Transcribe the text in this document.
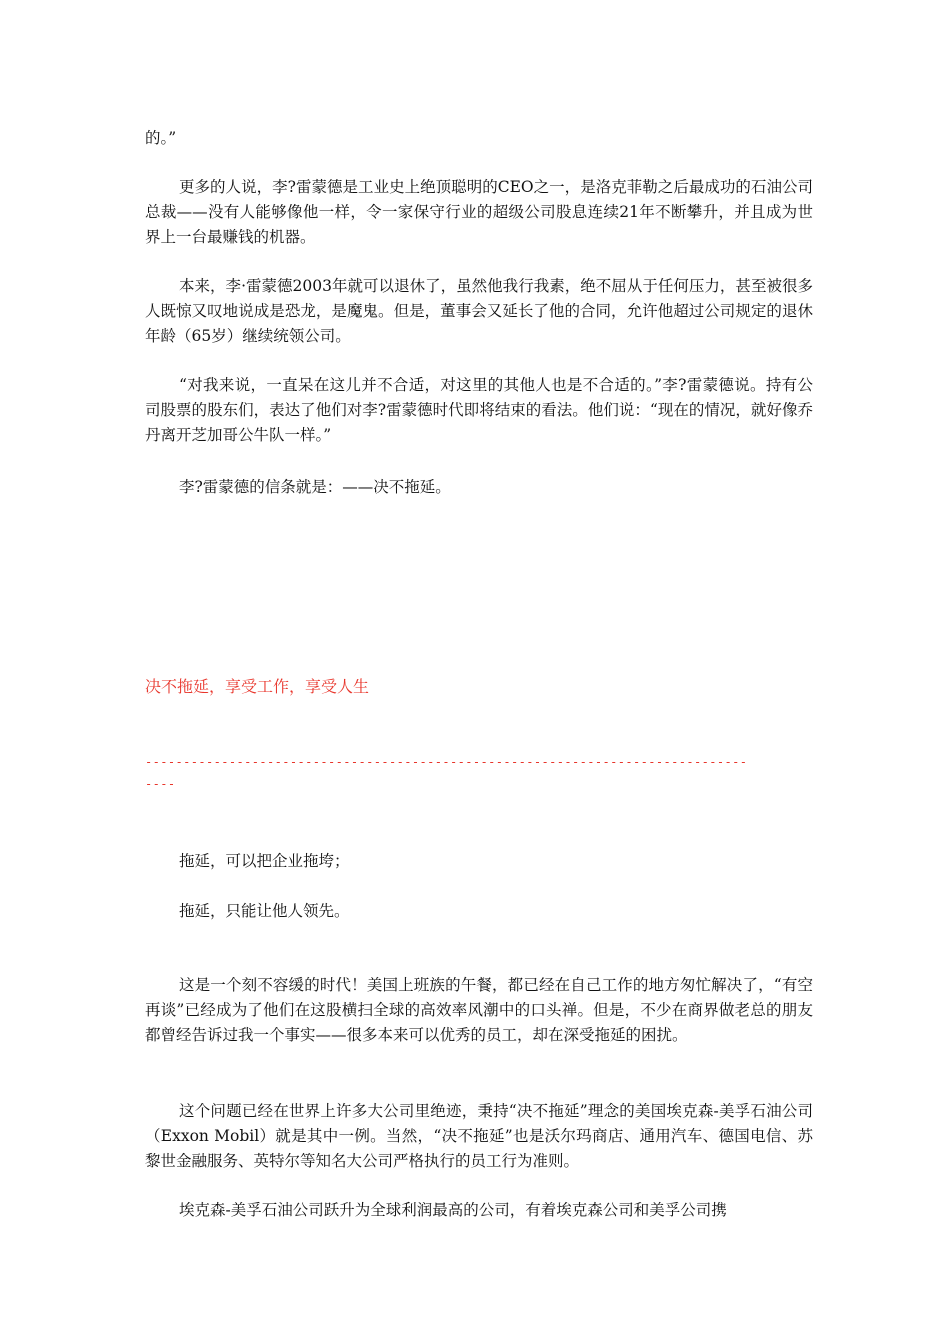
的。”

更多的人说，李?雷蒙德是工业史上绝顶聪明的CEO之一，是洛克菲勒之后最成功的石油公司总裁——没有人能够像他一样，令一家保守行业的超级公司股息连续21年不断攀升，并且成为世界上一台最赚钱的机器。

本来，李·雷蒙德2003年就可以退休了，虽然他我行我素，绝不屈从于任何压力，甚至被很多人既惊又叹地说成是恐龙，是魔鬼。但是，董事会又延长了他的合同，允许他超过公司规定的退休年龄（65岁）继续统领公司。

“对我来说，一直呆在这儿并不合适，对这里的其他人也是不合适的。”李?雷蒙德说。持有公司股票的股东们，表达了他们对李?雷蒙德时代即将结束的看法。他们说：“现在的情况，就好像乔丹离开芝加哥公牛队一样。”

李?雷蒙德的信条就是：——决不拖延。

决不拖延，享受工作，享受人生

-------------------------------------------------------------------------------

----

拖延，可以把企业拖垮；

拖延，只能让他人领先。

这是一个刻不容缓的时代！美国上班族的午餐，都已经在自己工作的地方匆忙解决了，“有空再谈”已经成为了他们在这股横扫全球的高效率风潮中的口头禅。但是，不少在商界做老总的朋友都曾经告诉过我一个事实——很多本来可以优秀的员工，却在深受拖延的困扰。

这个问题已经在世界上许多大公司里绝迹，秉持“决不拖延”理念的美国埃克森-美孚石油公司（Exxon Mobil）就是其中一例。当然，“决不拖延”也是沃尔玛商店、通用汽车、德国电信、苏黎世金融服务、英特尔等知名大公司严格执行的员工行为准则。

埃克森-美孚石油公司跃升为全球利润最高的公司，有着埃克森公司和美孚公司携
